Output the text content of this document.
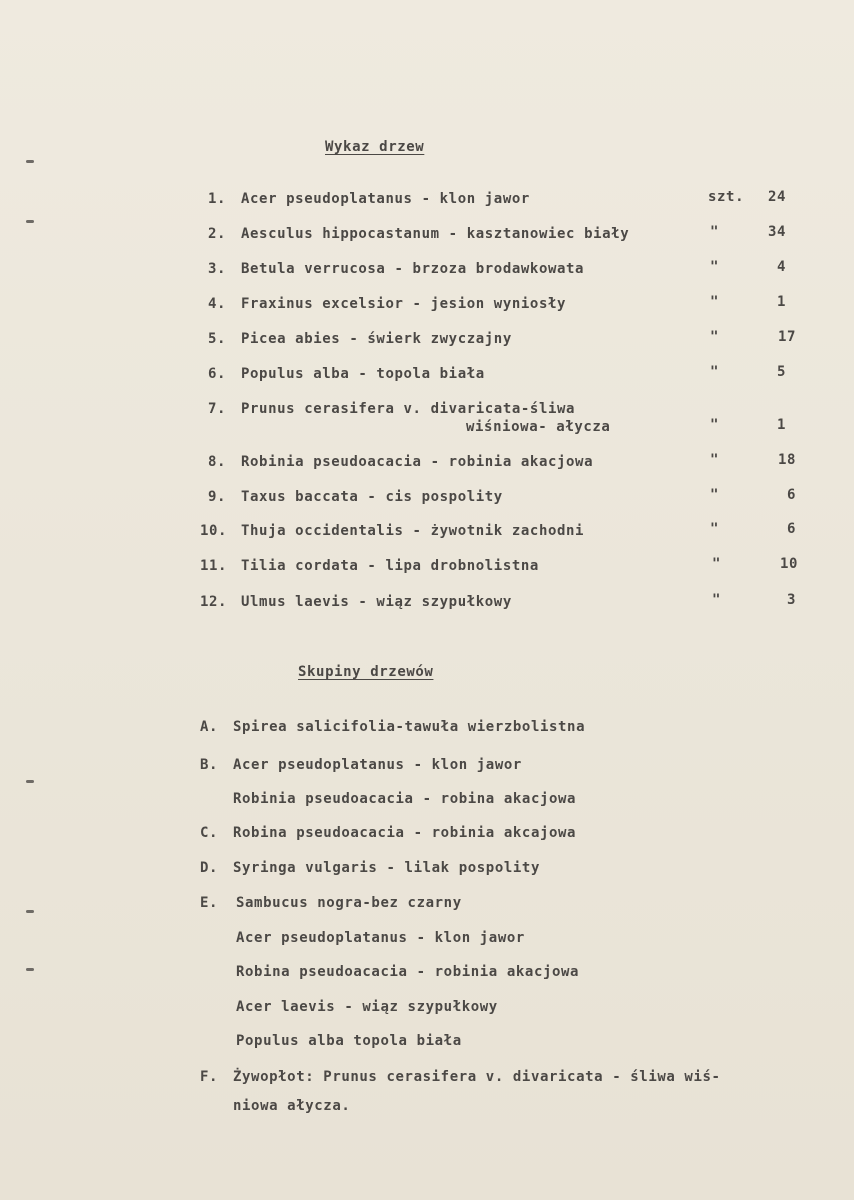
Wykaz drzew
1. Acer pseudoplatanus - klon jawor	szt.	24
2. Aesculus hippocastanum - kasztanowiec biały	"	34
3. Betula verrucosa - brzoza brodawkowata	"	4
4. Fraxinus excelsior - jesion wyniosły	"	1
5. Picea abies - świerk zwyczajny	"	17
6. Populus alba - topola biała	"	5
7. Prunus cerasifera v. divaricata-śliwa
wiśniowa- ałycza	"	1
8. Robinia pseudoacacia - robinia akacjowa	"	18
9. Taxus baccata - cis pospolity	"	6
10. Thuja occidentalis - żywotnik zachodni	"	6
11. Tilia cordata - lipa drobnolistna	"	10
12. Ulmus laevis - wiąz szypułkowy	"	3
Skupiny drzewów
A. Spirea salicifolia-tawuła wierzbolistna
B. Acer pseudoplatanus - klon jawor
Robinia pseudoacacia - robina akacjowa
C. Robina pseudoacacia - robinia akcajowa
D. Syringa vulgaris - lilak pospolity
E. Sambucus nogra-bez czarny
Acer pseudoplatanus - klon jawor
Robina pseudoacacia - robinia akacjowa
Acer laevis - wiąz szypułkowy
Populus alba topola biała
F. Żywopłot: Prunus cerasifera v. divaricata - śliwa wiś-
niowa ałycza.
